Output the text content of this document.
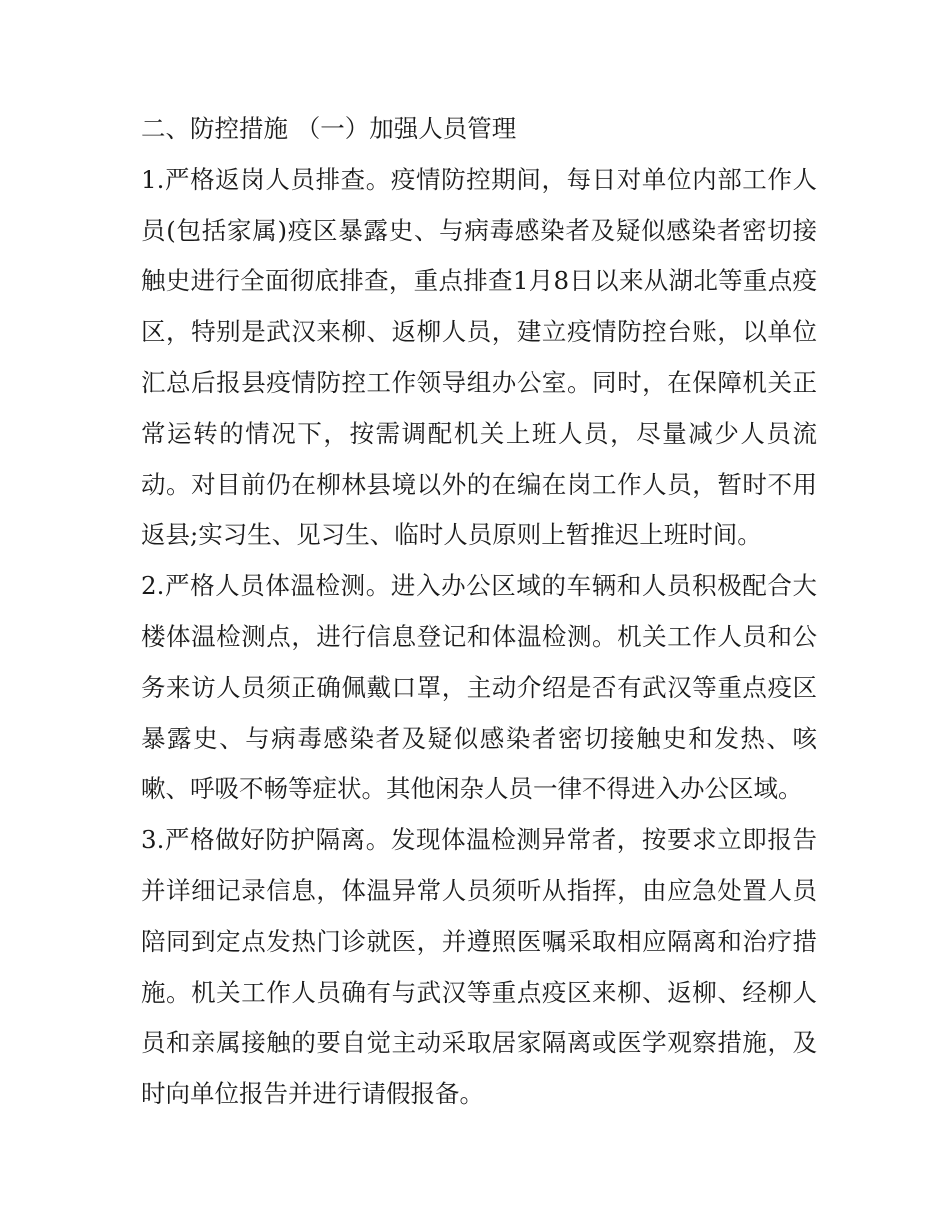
二、防控措施 （一）加强人员管理

1.严格返岗人员排查。疫情防控期间，每日对单位内部工作人员(包括家属)疫区暴露史、与病毒感染者及疑似感染者密切接触史进行全面彻底排查，重点排查1月8日以来从湖北等重点疫区，特别是武汉来柳、返柳人员，建立疫情防控台账，以单位汇总后报县疫情防控工作领导组办公室。同时，在保障机关正常运转的情况下，按需调配机关上班人员，尽量减少人员流动。对目前仍在柳林县境以外的在编在岗工作人员，暂时不用返县;实习生、见习生、临时人员原则上暂推迟上班时间。

2.严格人员体温检测。进入办公区域的车辆和人员积极配合大楼体温检测点，进行信息登记和体温检测。机关工作人员和公务来访人员须正确佩戴口罩，主动介绍是否有武汉等重点疫区暴露史、与病毒感染者及疑似感染者密切接触史和发热、咳嗽、呼吸不畅等症状。其他闲杂人员一律不得进入办公区域。

3.严格做好防护隔离。发现体温检测异常者，按要求立即报告并详细记录信息，体温异常人员须听从指挥，由应急处置人员陪同到定点发热门诊就医，并遵照医嘱采取相应隔离和治疗措施。机关工作人员确有与武汉等重点疫区来柳、返柳、经柳人员和亲属接触的要自觉主动采取居家隔离或医学观察措施，及时向单位报告并进行请假报备。
